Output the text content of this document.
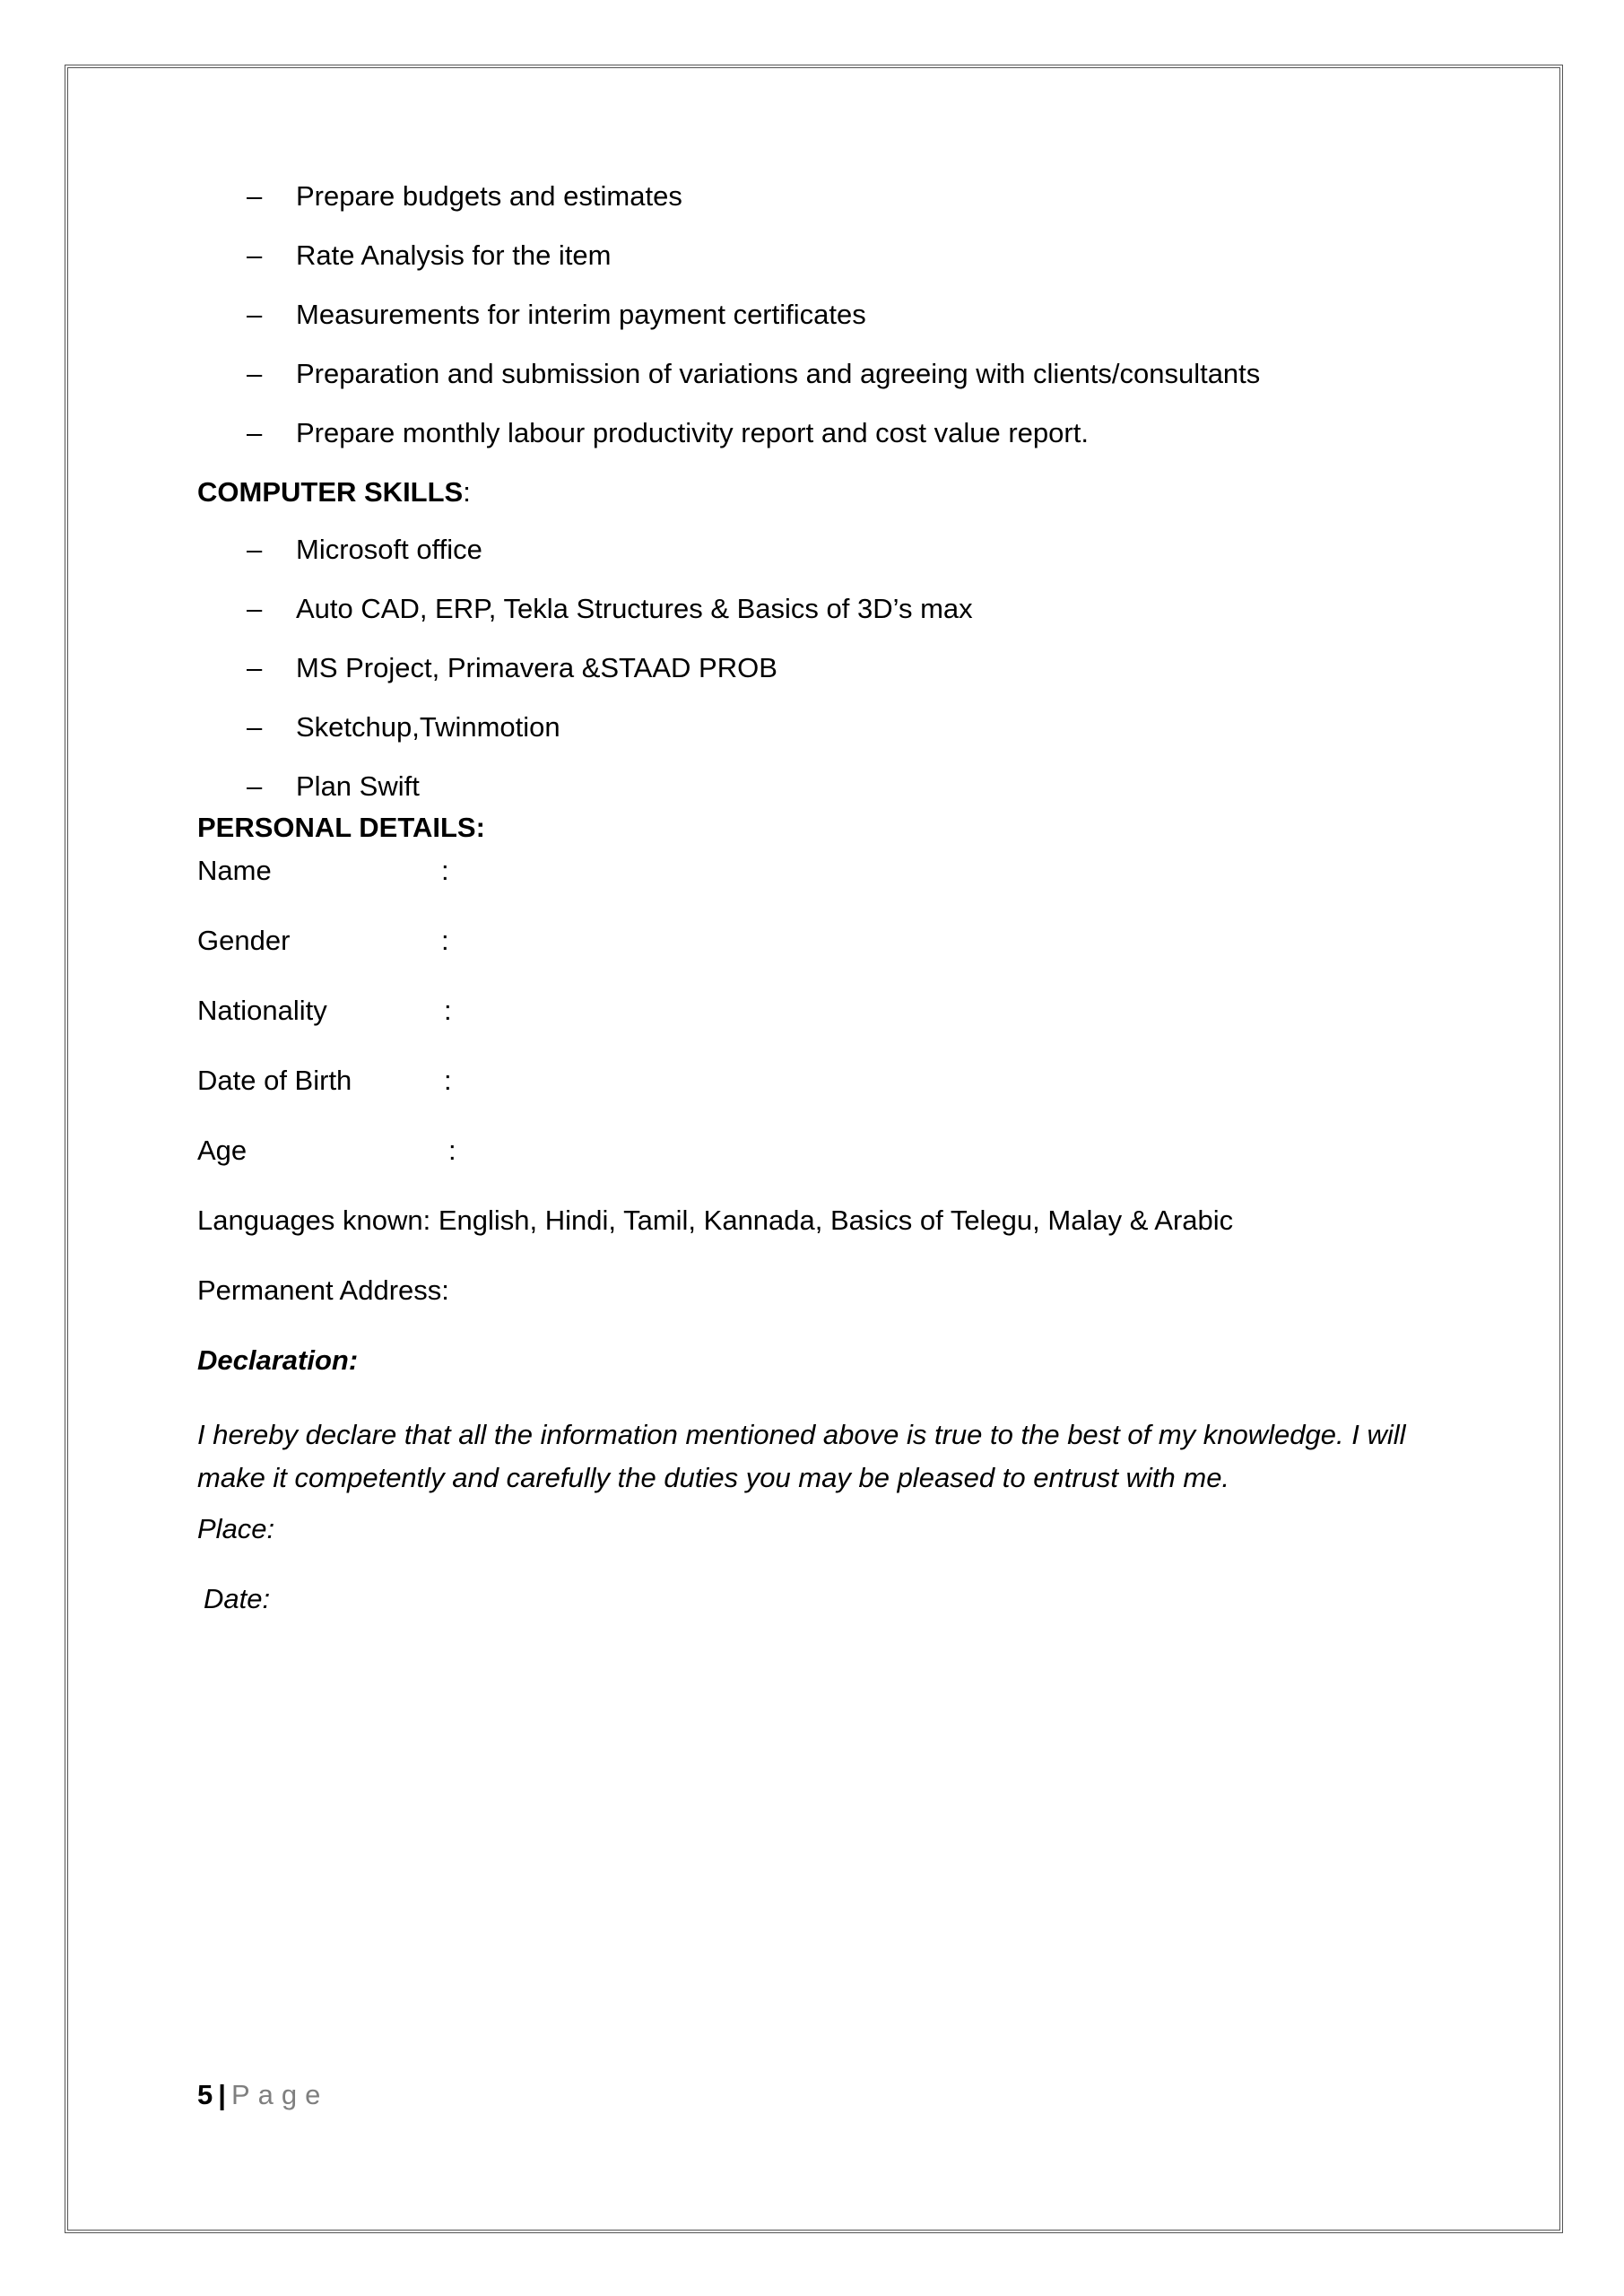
– Prepare budgets and estimates
– Rate Analysis for the item
– Measurements for interim payment certificates
– Preparation and submission of variations and agreeing with clients/consultants
– Prepare monthly labour productivity report and cost value report.
COMPUTER SKILLS:
– Microsoft office
– Auto CAD, ERP, Tekla Structures & Basics of 3D’s max
– MS Project, Primavera &STAAD PROB
– Sketchup,Twinmotion
– Plan Swift
PERSONAL DETAILS:
Name	:
Gender	:
Nationality	:
Date of Birth	:
Age	:
Languages known: English, Hindi, Tamil, Kannada, Basics of Telegu, Malay & Arabic
Permanent Address:
Declaration:
I hereby declare that all the information mentioned above is true to the best of my knowledge. I will make it competently and carefully the duties you may be pleased to entrust with me.
Place:
Date:
5 | Page
